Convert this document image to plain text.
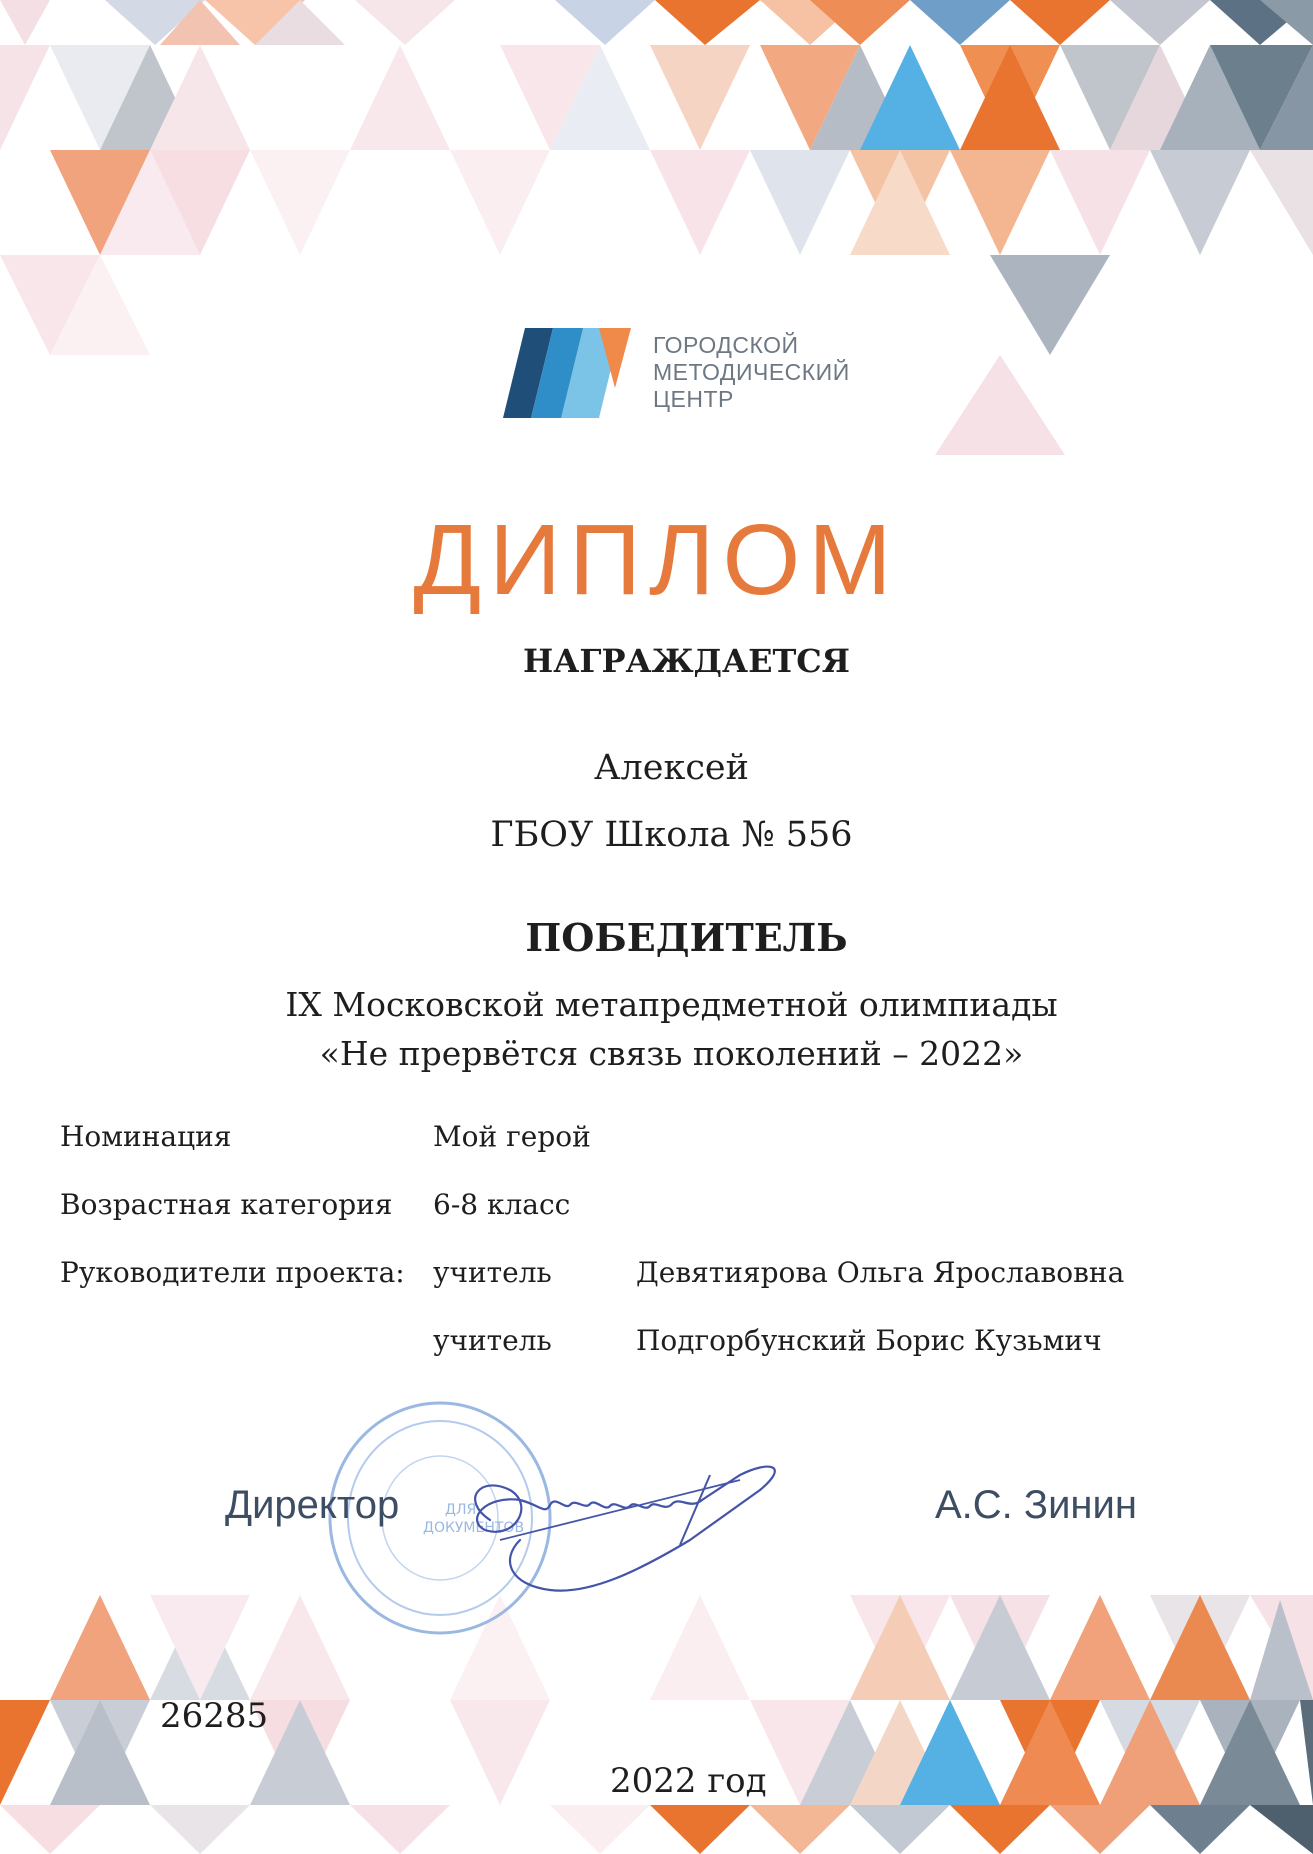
ГОРОДСКОЙ
МЕТОДИЧЕСКИЙ
ЦЕНТР
ДИПЛОМ
НАГРАЖДАЕТСЯ
Алексей
ГБОУ Школа № 556
ПОБЕДИТЕЛЬ
IX Московской метапредметной олимпиады
«Не прервётся связь поколений – 2022»
Номинация	Мой герой
Возрастная категория 6-8 класс
Руководители проекта: учитель	Девятиярова Ольга Ярославовна
учитель	Подгорбунский Борис Кузьмич
ДЛЯ
ДОКУМЕНТОВ
Директор	А.С. Зинин
26285
2022 год
